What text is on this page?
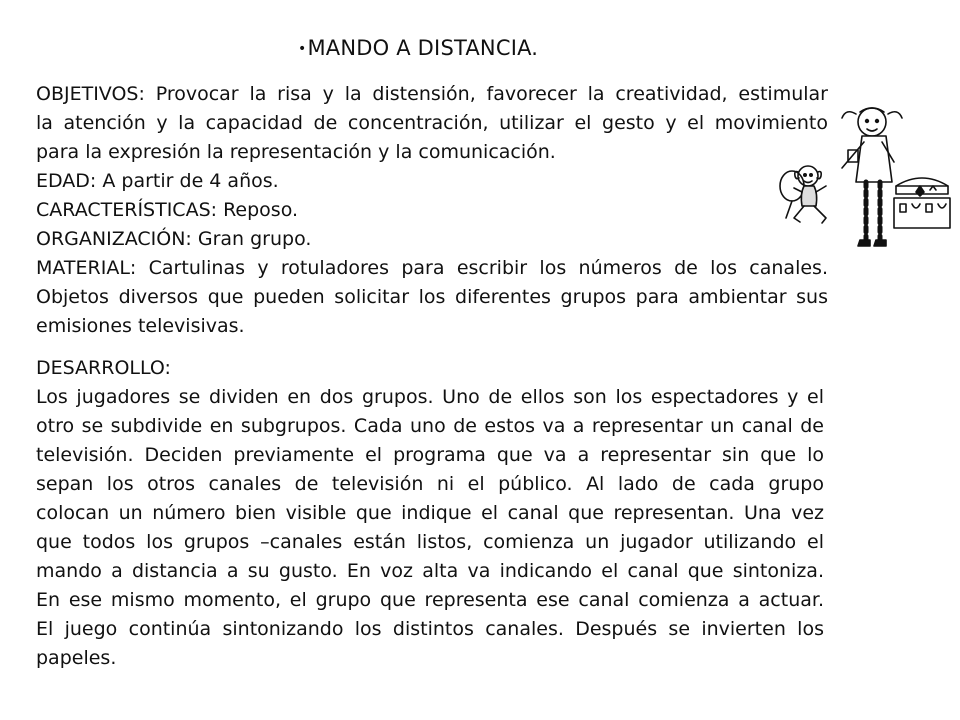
•MANDO A DISTANCIA.
OBJETIVOS: Provocar la risa y la distensión, favorecer la creatividad, estimular
la atención y la capacidad de concentración, utilizar el gesto y el movimiento
para la expresión la representación y la comunicación.
EDAD: A partir de 4 años.
CARACTERÍSTICAS: Reposo.
ORGANIZACIÓN: Gran grupo.
MATERIAL: Cartulinas y rotuladores para escribir los números de los canales.
Objetos diversos que pueden solicitar los diferentes grupos para ambientar sus
emisiones televisivas.
DESARROLLO:
Los jugadores se dividen en dos grupos. Uno de ellos son los espectadores y el
otro se subdivide en subgrupos. Cada uno de estos va a representar un canal de
televisión. Deciden previamente el programa que va a representar sin que lo
sepan los otros canales de televisión ni el público. Al lado de cada grupo
colocan un número bien visible que indique el canal que representan. Una vez
que todos los grupos –canales están listos, comienza un jugador utilizando el
mando a distancia a su gusto. En voz alta va indicando el canal que sintoniza.
En ese mismo momento, el grupo que representa ese canal comienza a actuar.
El juego continúa sintonizando los distintos canales. Después se invierten los
papeles.
